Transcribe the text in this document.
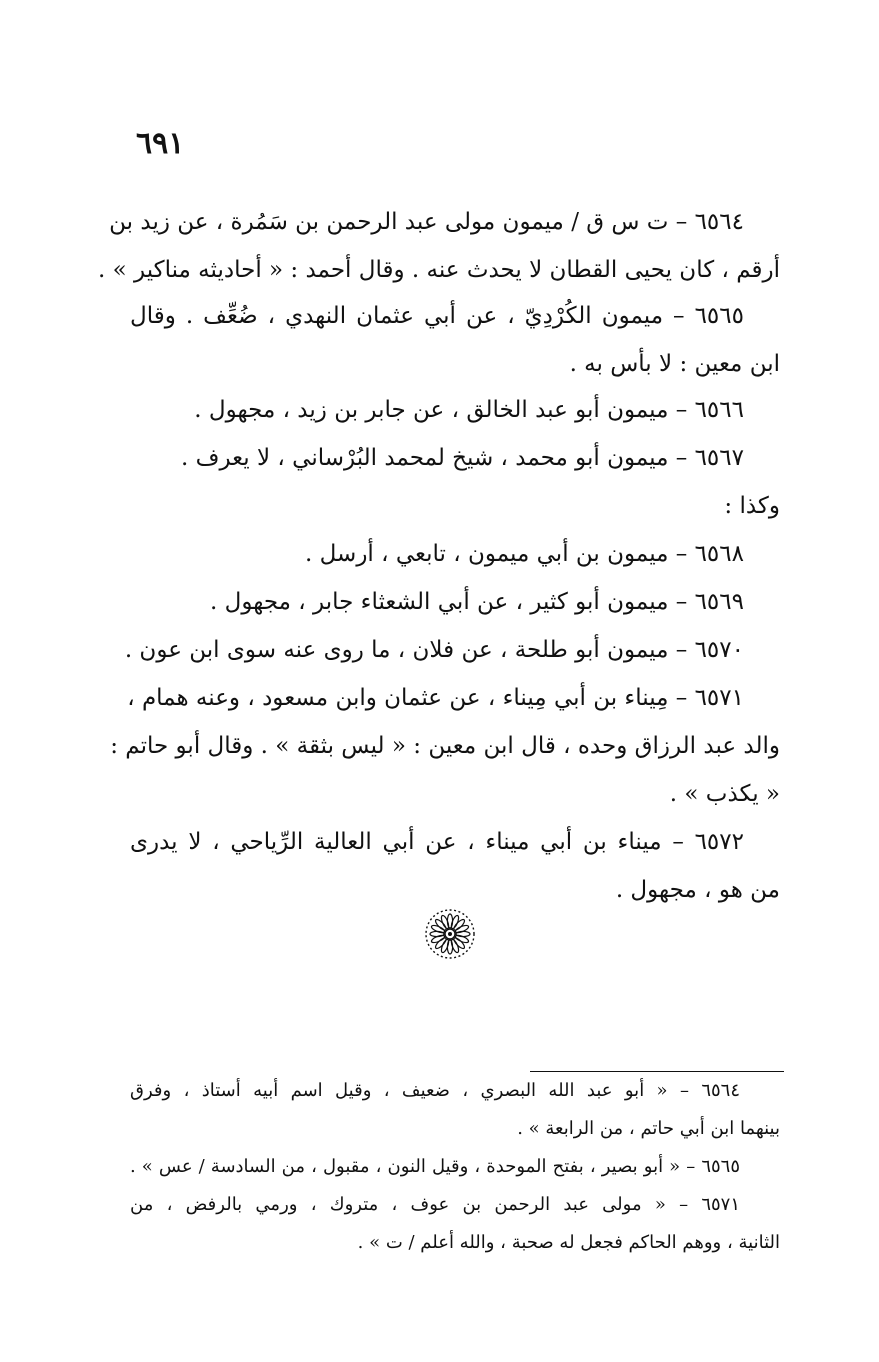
٦٩١
٦٥٦٤ – ت س ق / ميمون مولى عبد الرحمن بن سَمُرة ، عن زيد بن
أرقم ، كان يحيى القطان لا يحدث عنه . وقال أحمد : « أحاديثه مناكير » .
٦٥٦٥ – ميمون الكُرْدِيّ ، عن أبي عثمان النهدي ، ضُعِّف . وقال
ابن معين : لا بأس به .
٦٥٦٦ – ميمون أبو عبد الخالق ، عن جابر بن زيد ، مجهول .
٦٥٦٧ – ميمون أبو محمد ، شيخ لمحمد البُرْساني ، لا يعرف .
وكذا :
٦٥٦٨ – ميمون بن أبي ميمون ، تابعي ، أرسل .
٦٥٦٩ – ميمون أبو كثير ، عن أبي الشعثاء جابر ، مجهول .
٦٥٧٠ – ميمون أبو طلحة ، عن فلان ، ما روى عنه سوى ابن عون .
٦٥٧١ – مِيناء بن أبي مِيناء ، عن عثمان وابن مسعود ، وعنه همام ،
والد عبد الرزاق وحده ، قال ابن معين : « ليس بثقة » . وقال أبو حاتم :
« يكذب » .
٦٥٧٢ – ميناء بن أبي ميناء ، عن أبي العالية الرِّياحي ، لا يدرى
من هو ، مجهول .
٦٥٦٤ – « أبو عبد الله البصري ، ضعيف ، وقيل اسم أبيه أستاذ ، وفرق
بينهما ابن أبي حاتم ، من الرابعة » .
٦٥٦٥ – « أبو بصير ، بفتح الموحدة ، وقيل النون ، مقبول ، من السادسة / عس » .
٦٥٧١ – « مولى عبد الرحمن بن عوف ، متروك ، ورمي بالرفض ، من
الثانية ، ووهم الحاكم فجعل له صحبة ، والله أعلم / ت » .
